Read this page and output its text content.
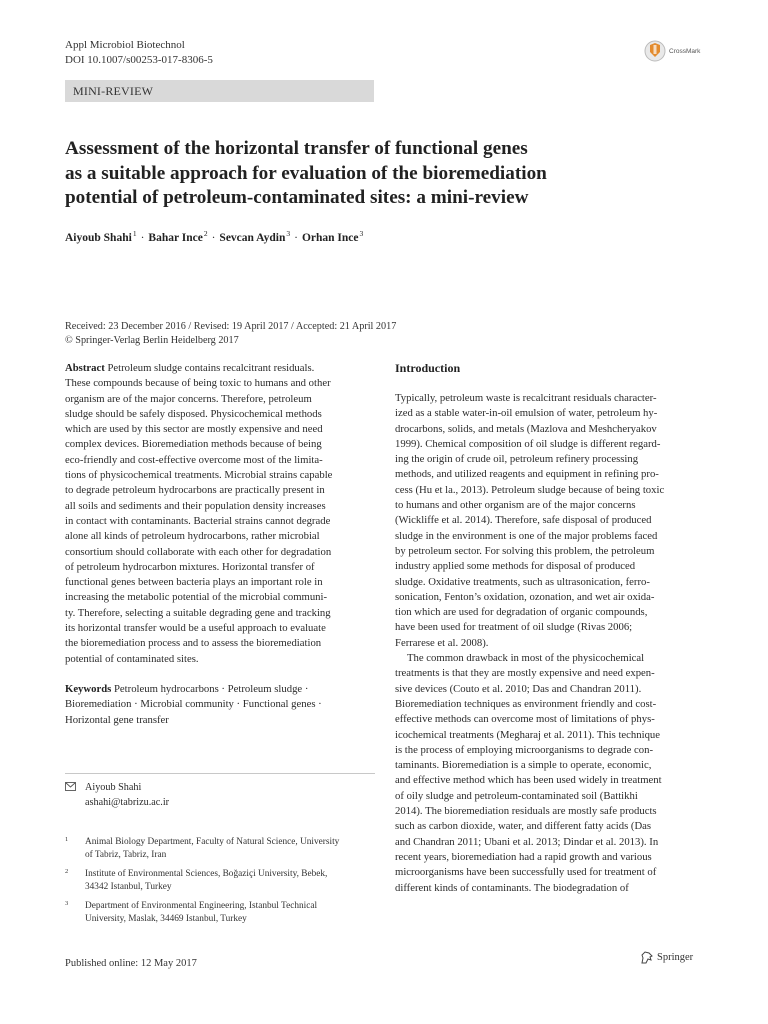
Appl Microbiol Biotechnol
DOI 10.1007/s00253-017-8306-5
CrossMark
MINI-REVIEW
Assessment of the horizontal transfer of functional genes
as a suitable approach for evaluation of the bioremediation
potential of petroleum-contaminated sites: a mini-review
Aiyoub Shahi$^1$ · Bahar Ince$^2$ · Sevcan Aydin$^3$ · Orhan Ince$^3$
Received: 23 December 2016 / Revised: 19 April 2017 / Accepted: 21 April 2017
© Springer-Verlag Berlin Heidelberg 2017
Abstract Petroleum sludge contains recalcitrant residuals.
These compounds because of being toxic to humans and other
organism are of the major concerns. Therefore, petroleum
sludge should be safely disposed. Physicochemical methods
which are used by this sector are mostly expensive and need
complex devices. Bioremediation methods because of being
eco-friendly and cost-effective overcome most of the limita-
tions of physicochemical treatments. Microbial strains capable
to degrade petroleum hydrocarbons are practically present in
all soils and sediments and their population density increases
in contact with contaminants. Bacterial strains cannot degrade
alone all kinds of petroleum hydrocarbons, rather microbial
consortium should collaborate with each other for degradation
of petroleum hydrocarbon mixtures. Horizontal transfer of
functional genes between bacteria plays an important role in
increasing the metabolic potential of the microbial communi-
ty. Therefore, selecting a suitable degrading gene and tracking
its horizontal transfer would be a useful approach to evaluate
the bioremediation process and to assess the bioremediation
potential of contaminated sites.
Keywords Petroleum hydrocarbons · Petroleum sludge ·
Bioremediation · Microbial community · Functional genes ·
Horizontal gene transfer
Aiyoub Shahi
ashahi@tabrizu.ac.ir
1 Animal Biology Department, Faculty of Natural Science, University
of Tabriz, Tabriz, Iran
2 Institute of Environmental Sciences, Boğaziçi University, Bebek,
34342 Istanbul, Turkey
3 Department of Environmental Engineering, Istanbul Technical
University, Maslak, 34469 Istanbul, Turkey
Introduction
Typically, petroleum waste is recalcitrant residuals character-
ized as a stable water-in-oil emulsion of water, petroleum hy-
drocarbons, solids, and metals (Mazlova and Meshcheryakov
1999). Chemical composition of oil sludge is different regard-
ing the origin of crude oil, petroleum refinery processing
methods, and utilized reagents and equipment in refining pro-
cess (Hu et la., 2013). Petroleum sludge because of being toxic
to humans and other organism are of the major concerns
(Wickliffe et al. 2014). Therefore, safe disposal of produced
sludge in the environment is one of the major problems faced
by petroleum sector. For solving this problem, the petroleum
industry applied some methods for disposal of produced
sludge. Oxidative treatments, such as ultrasonication, ferro-
sonication, Fenton’s oxidation, ozonation, and wet air oxida-
tion which are used for degradation of organic compounds,
have been used for treatment of oil sludge (Rivas 2006;
Ferrarese et al. 2008).
The common drawback in most of the physicochemical
treatments is that they are mostly expensive and need expen-
sive devices (Couto et al. 2010; Das and Chandran 2011).
Bioremediation techniques as environment friendly and cost-
effective methods can overcome most of limitations of phys-
icochemical treatments (Megharaj et al. 2011). This technique
is the process of employing microorganisms to degrade con-
taminants. Bioremediation is a simple to operate, economic,
and effective method which has been used widely in treatment
of oily sludge and petroleum-contaminated soil (Battikhi
2014). The bioremediation residuals are mostly safe products
such as carbon dioxide, water, and different fatty acids (Das
and Chandran 2011; Ubani et al. 2013; Dindar et al. 2013). In
recent years, bioremediation had a rapid growth and various
microorganisms have been successfully used for treatment of
different kinds of contaminants. The biodegradation of
Published online: 12 May 2017
Springer
